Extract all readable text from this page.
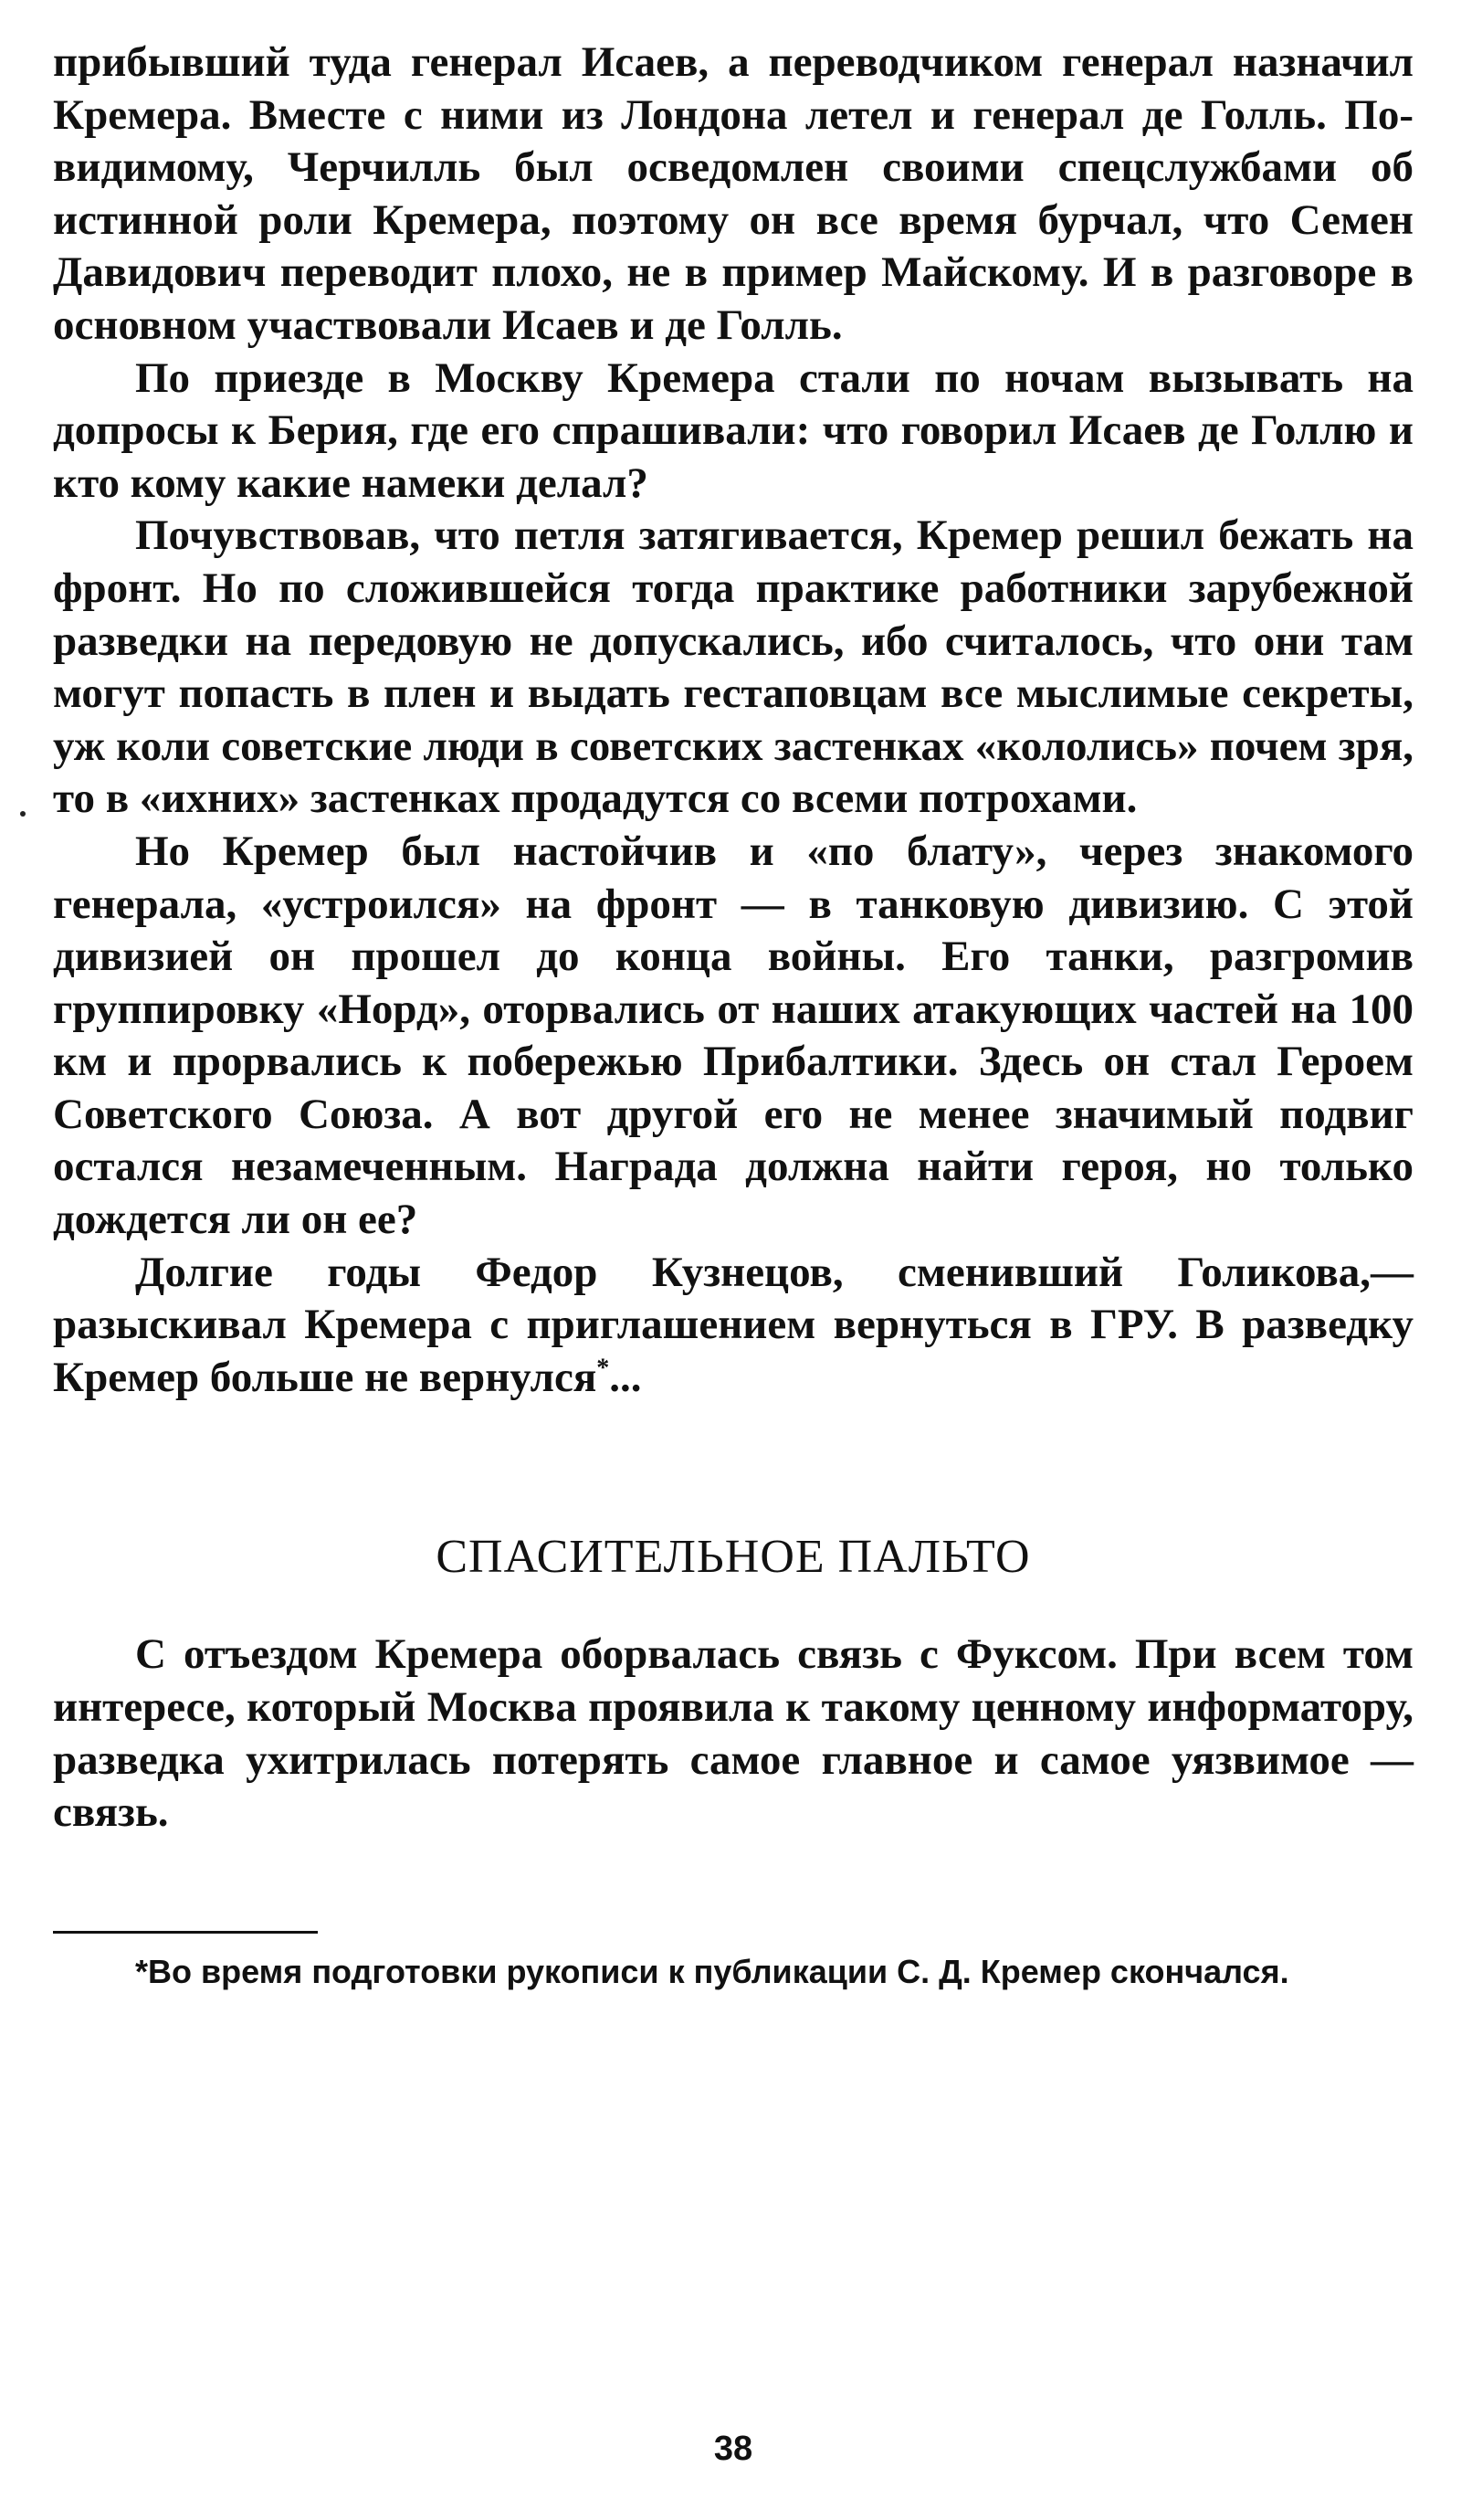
прибывший туда генерал Исаев, а переводчиком генерал назначил Кремера. Вместе с ними из Лондона летел и генерал де Голль. По-видимому, Черчилль был осведомлен своими спецслужбами об истинной роли Кремера, поэтому он все время бурчал, что Семен Давидович переводит плохо, не в пример Майскому. И в разговоре в основном участвовали Исаев и де Голль.

По приезде в Москву Кремера стали по ночам вызывать на допросы к Берия, где его спрашивали: что говорил Исаев де Голлю и кто кому какие намеки делал?

Почувствовав, что петля затягивается, Кремер решил бежать на фронт. Но по сложившейся тогда практике работники зарубежной разведки на передовую не допускались, ибо считалось, что они там могут попасть в плен и выдать гестаповцам все мыслимые секреты, уж коли советские люди в советских застенках «кололись» почем зря, то в «ихних» застенках продадутся со всеми потрохами.

Но Кремер был настойчив и «по блату», через знакомого генерала, «устроился» на фронт — в танковую дивизию. С этой дивизией он прошел до конца войны. Его танки, разгромив группировку «Норд», оторвались от наших атакующих частей на 100 км и прорвались к побережью Прибалтики. Здесь он стал Героем Советского Союза. А вот другой его не менее значимый подвиг остался незамеченным. Награда должна найти героя, но только дождется ли он ее?

Долгие годы Федор Кузнецов, сменивший Голикова,— разыскивал Кремера с приглашением вернуться в ГРУ. В разведку Кремер больше не вернулся*...

СПАСИТЕЛЬНОЕ ПАЛЬТО

С отъездом Кремера оборвалась связь с Фуксом. При всем том интересе, который Москва проявила к такому ценному информатору, разведка ухитрилась потерять самое главное и самое уязвимое — связь.

*Во время подготовки рукописи к публикации С. Д. Кремер скончался.

38
